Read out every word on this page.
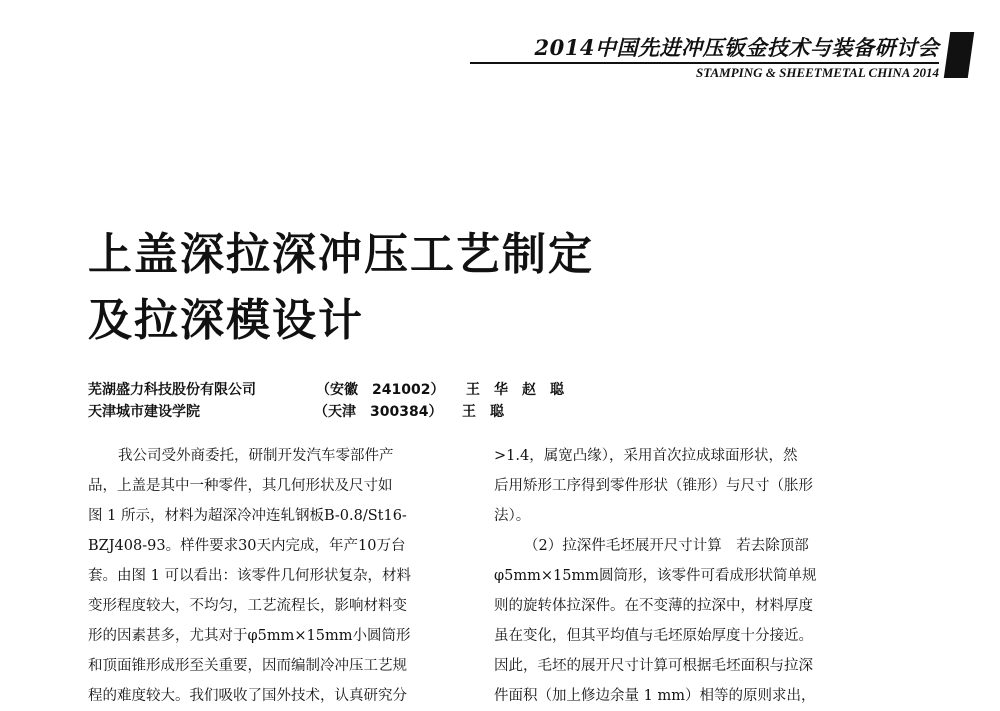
2014中国先进冲压钣金技术与装备研讨会
STAMPING & SHEETMETAL CHINA 2014
上盖深拉深冲压工艺制定
及拉深模设计
芜湖盛力科技股份有限公司	（安徽　241002） 王　华　赵　聪
天津城市建设学院	（天津　300384） 王　聪

我公司受外商委托，研制开发汽车零部件产

品，上盖是其中一种零件，其几何形状及尺寸如

图 1 所示，材料为超深冷冲连轧钢板B-0.8/St16-

BZJ408-93。样件要求30天内完成，年产10万台

套。由图 1 可以看出：该零件几何形状复杂，材料

变形程度较大，不均匀，工艺流程长，影响材料变

形的因素甚多，尤其对于φ5mm×15mm小圆筒形

和顶面锥形成形至关重要，因而编制冷冲压工艺规

程的难度较大。我们吸收了国外技术，认真研究分

>1.4，属宽凸缘），采用首次拉成球面形状，然

后用矫形工序得到零件形状（锥形）与尺寸（胀形

法）。

（2）拉深件毛坯展开尺寸计算　若去除顶部

φ5mm×15mm圆筒形，该零件可看成形状简单规

则的旋转体拉深件。在不变薄的拉深中，材料厚度

虽在变化，但其平均值与毛坯原始厚度十分接近。

因此，毛坯的展开尺寸计算可根据毛坯面积与拉深

件面积（加上修边余量 1 mm）相等的原则求出，
